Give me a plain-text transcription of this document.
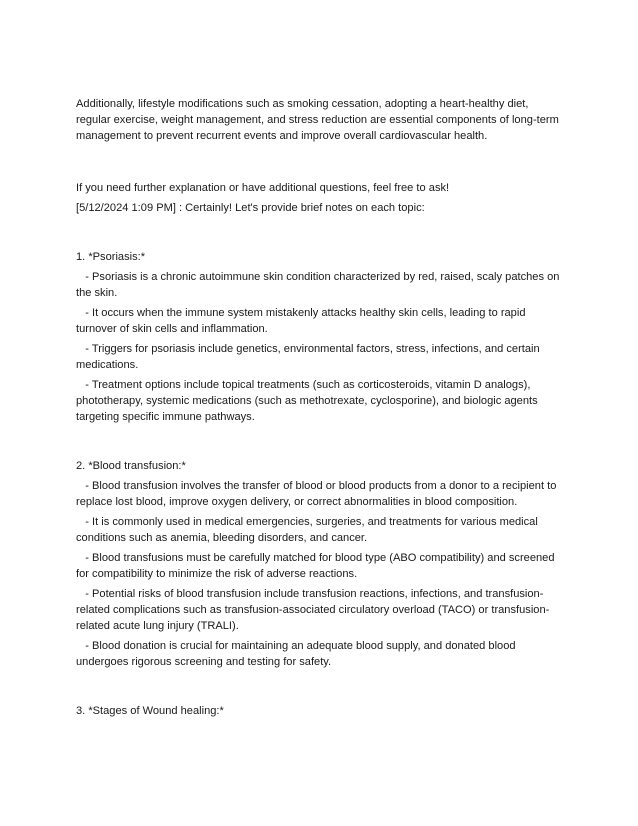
Additionally, lifestyle modifications such as smoking cessation, adopting a heart-healthy diet, regular exercise, weight management, and stress reduction are essential components of long-term management to prevent recurrent events and improve overall cardiovascular health.

If you need further explanation or have additional questions, feel free to ask!

[5/12/2024 1:09 PM] : Certainly! Let's provide brief notes on each topic:

1. *Psoriasis:*

- Psoriasis is a chronic autoimmune skin condition characterized by red, raised, scaly patches on the skin.

- It occurs when the immune system mistakenly attacks healthy skin cells, leading to rapid turnover of skin cells and inflammation.

- Triggers for psoriasis include genetics, environmental factors, stress, infections, and certain medications.

- Treatment options include topical treatments (such as corticosteroids, vitamin D analogs), phototherapy, systemic medications (such as methotrexate, cyclosporine), and biologic agents targeting specific immune pathways.

2. *Blood transfusion:*

- Blood transfusion involves the transfer of blood or blood products from a donor to a recipient to replace lost blood, improve oxygen delivery, or correct abnormalities in blood composition.

- It is commonly used in medical emergencies, surgeries, and treatments for various medical conditions such as anemia, bleeding disorders, and cancer.

- Blood transfusions must be carefully matched for blood type (ABO compatibility) and screened for compatibility to minimize the risk of adverse reactions.

- Potential risks of blood transfusion include transfusion reactions, infections, and transfusion-related complications such as transfusion-associated circulatory overload (TACO) or transfusion-related acute lung injury (TRALI).

- Blood donation is crucial for maintaining an adequate blood supply, and donated blood undergoes rigorous screening and testing for safety.

3. *Stages of Wound healing:*
